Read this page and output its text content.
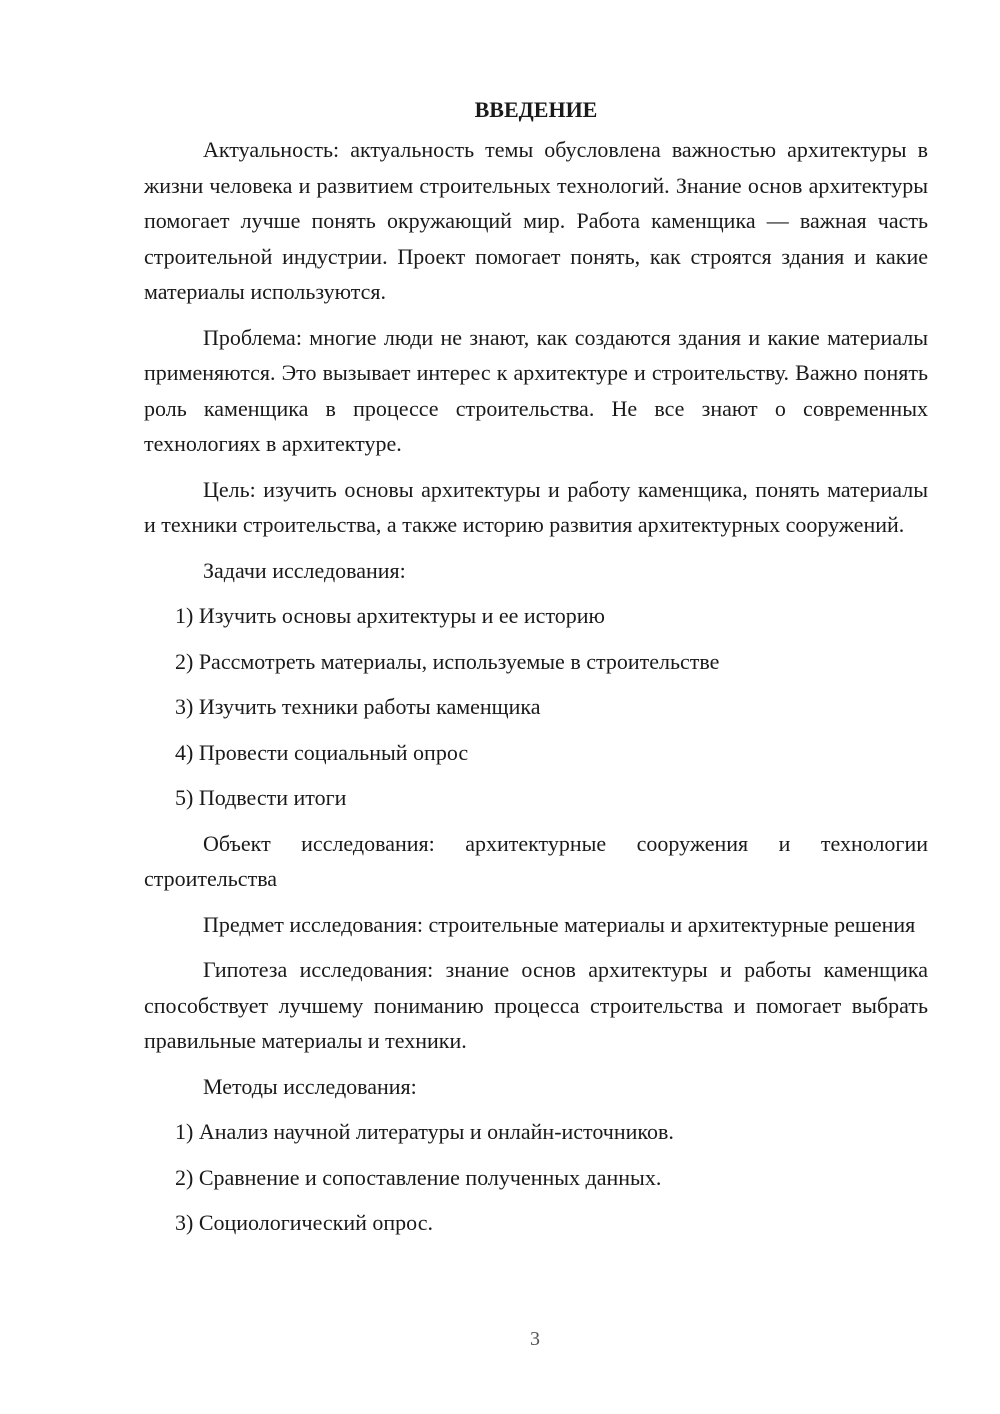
ВВЕДЕНИЕ

Актуальность: актуальность темы обусловлена важностью архитектуры в жизни человека и развитием строительных технологий. Знание основ архитектуры помогает лучше понять окружающий мир. Работа каменщика — важная часть строительной индустрии. Проект помогает понять, как строятся здания и какие материалы используются.

Проблема: многие люди не знают, как создаются здания и какие материалы применяются. Это вызывает интерес к архитектуре и строительству. Важно понять роль каменщика в процессе строительства. Не все знают о современных технологиях в архитектуре.

Цель: изучить основы архитектуры и работу каменщика, понять материалы и техники строительства, а также историю развития архитектурных сооружений.

Задачи исследования:

1) Изучить основы архитектуры и ее историю
2) Рассмотреть материалы, используемые в строительстве
3) Изучить техники работы каменщика
4) Провести социальный опрос
5) Подвести итоги

Объект исследования: архитектурные сооружения и технологии строительства

Предмет исследования: строительные материалы и архитектурные решения

Гипотеза исследования: знание основ архитектуры и работы каменщика способствует лучшему пониманию процесса строительства и помогает выбрать правильные материалы и техники.

Методы исследования:

1) Анализ научной литературы и онлайн-источников.
2) Сравнение и сопоставление полученных данных.
3) Социологический опрос.
3
